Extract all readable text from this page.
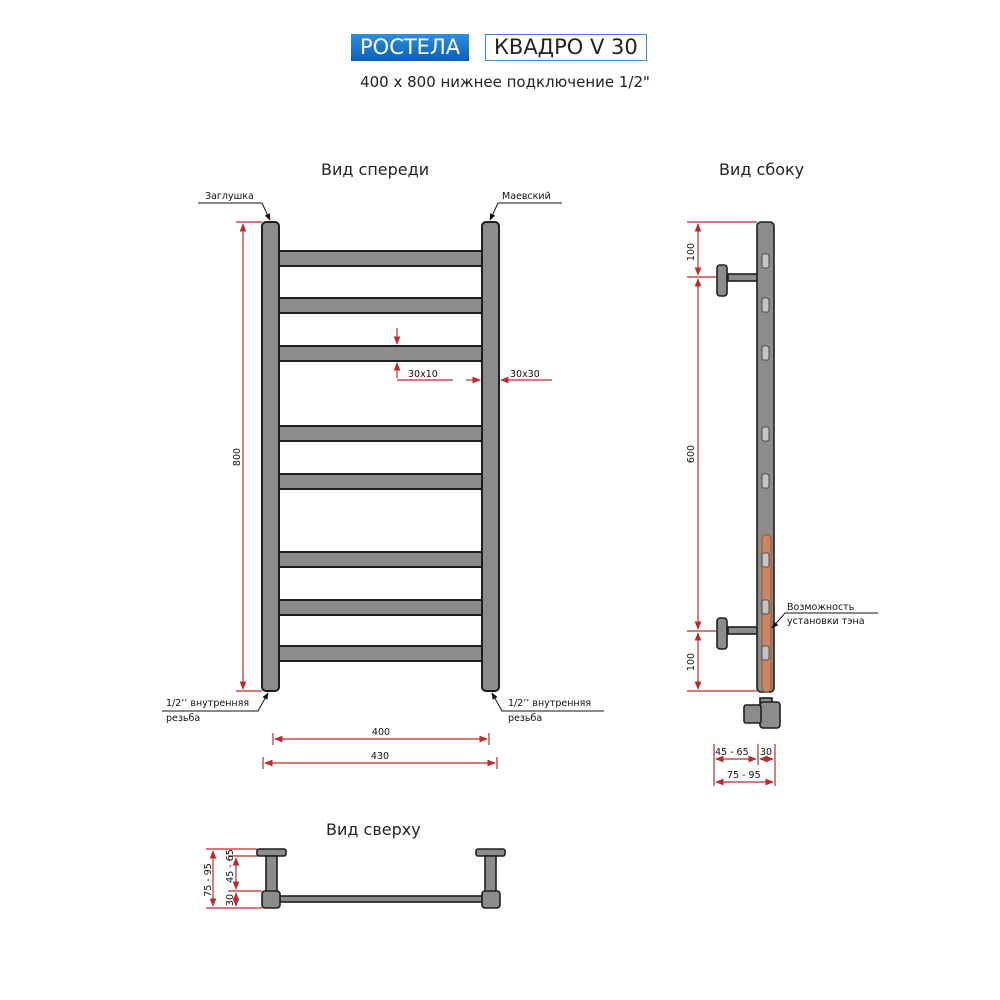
РОСТЕЛА	КВАДРО V 30
400 x 800 нижнее подключение 1/2"
Вид спереди	Вид сбоку
Вид сверху
Заглушка	Маевский
1/2’’ внутренняя
резьба
1/2’’ внутренняя
резьба
800
30x10	30x30
400
430
Возможность
установки тэна
100
600
100
45 - 65 30
75 - 95
75 - 95
30
45 - 65
